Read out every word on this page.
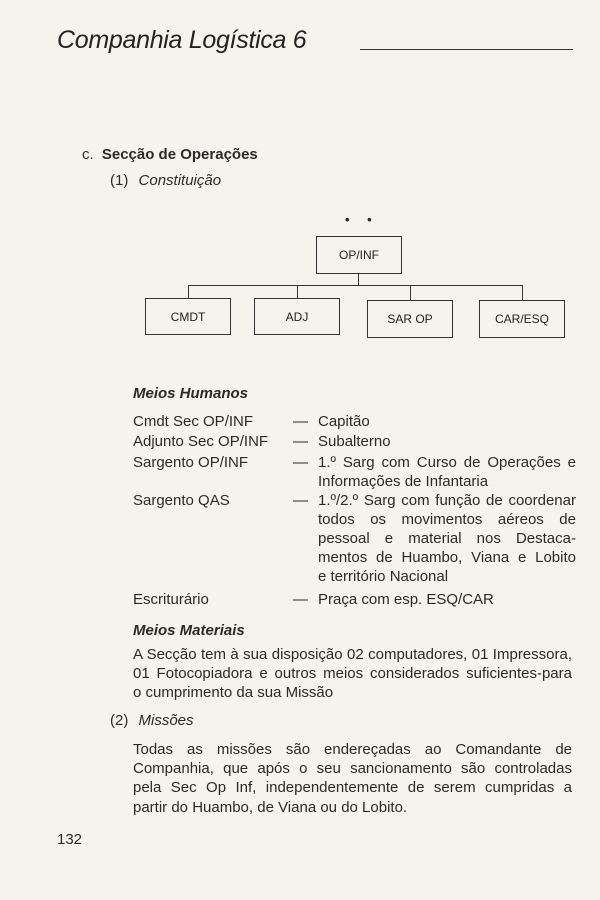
Companhia Logística 6
c. Secção de Operações
(1) Constituição
• •
OP/INF
CMDT	ADJ	SAR OP	CAR/ESQ
Meios Humanos
Cmdt Sec OP/INF	— Capitão
Adjunto Sec OP/INF — Subalterno
Sargento OP/INF	— 1.º Sarg com Curso de Operações e
Informações de Infantaria
Sargento QAS	— 1.º/2.º Sarg com função de coordenar
todos os movimentos aéreos de
pessoal e material nos Destaca-
mentos de Huambo, Viana e Lobito
e território Nacional
Escriturário	— Praça com esp. ESQ/CAR
Meios Materiais
A Secção tem à sua disposição 02 computadores, 01 Impressora,
01 Fotocopiadora e outros meios considerados suficientes-para
o cumprimento da sua Missão
(2) Missões
Todas as missões são endereçadas ao Comandante de
Companhia, que após o seu sancionamento são controladas
pela Sec Op Inf, independentemente de serem cumpridas a
partir do Huambo, de Viana ou do Lobito.
132
